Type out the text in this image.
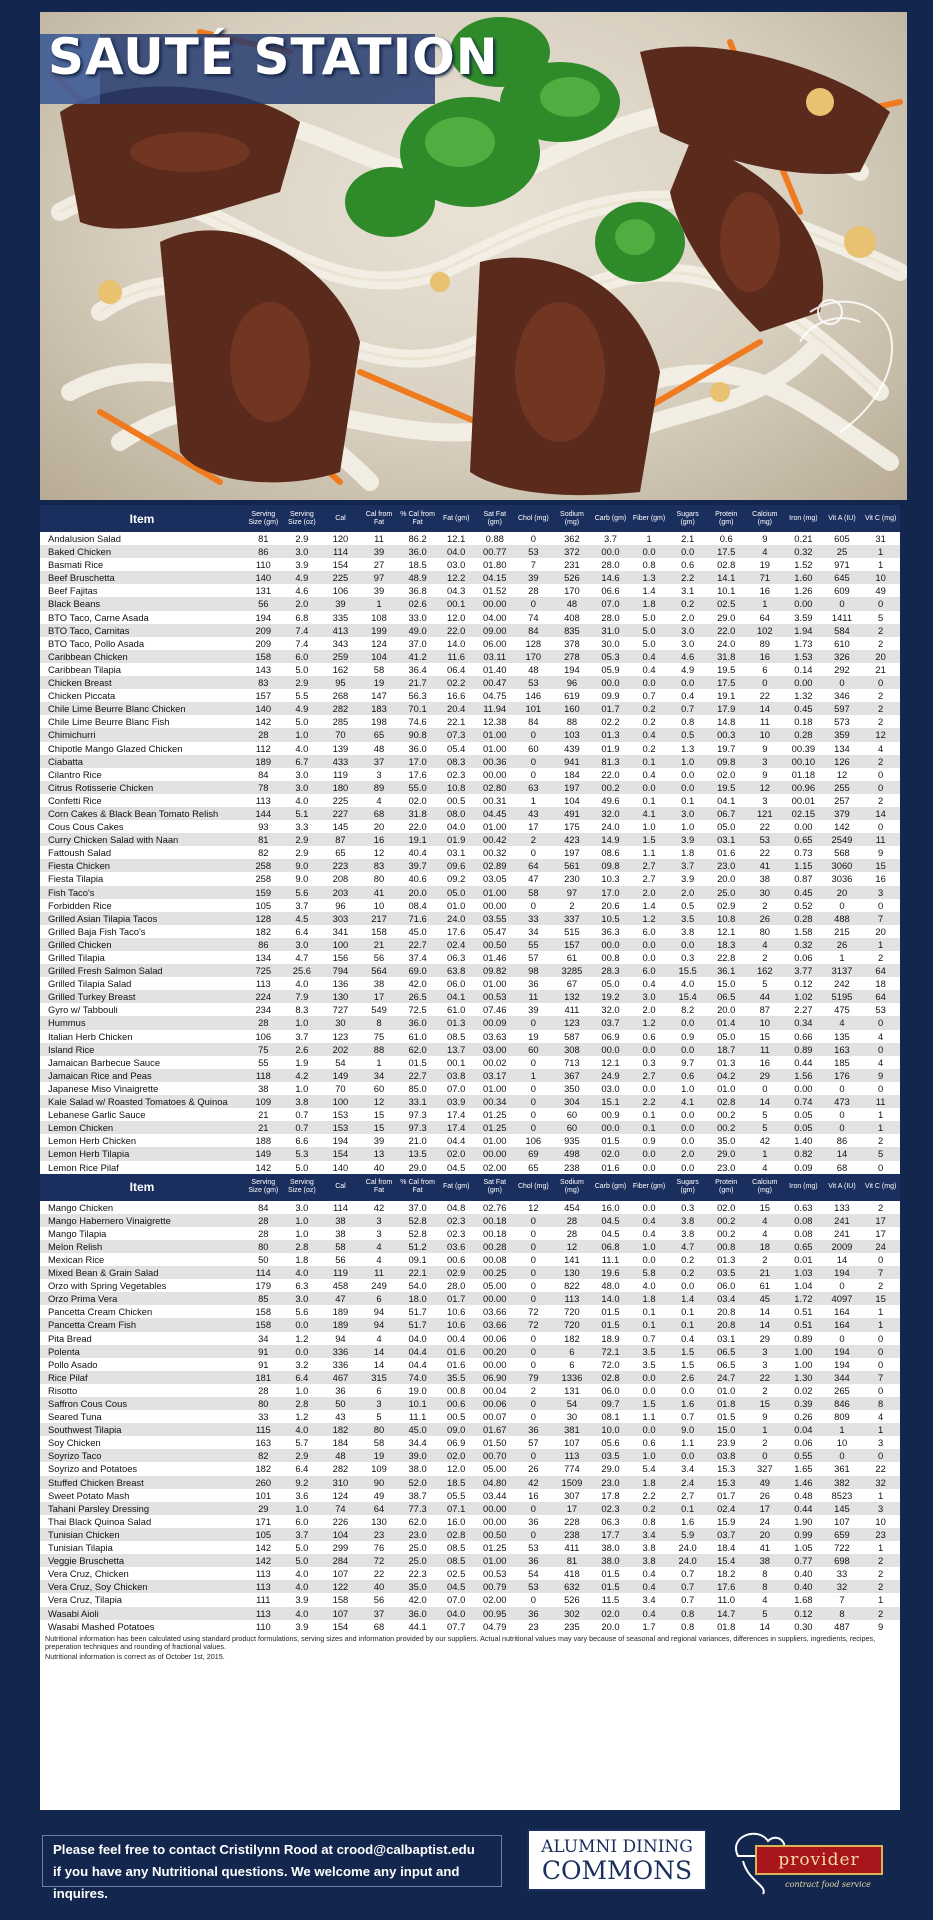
SAUTÉ STATION
Item	Serving Size (gm)	Serving Size (oz)	Cal	Cal from Fat	% Cal from Fat	Fat (gm)	Sat Fat (gm)	Chol (mg)	Sodium (mg)	Carb (gm)	Fiber (gm)	Sugars (gm)	Protein (gm)	Calcium (mg)	Iron (mg)	Vit A (IU)	Vit C (mg)
Andalusion Salad	81	2.9	120	11	86.2	12.1	0.88	0	362	3.7	1	2.1	0.6	9	0.21	605	31
Baked Chicken	86	3.0	114	39	36.0	04.0	00.77	53	372	00.0	0.0	0.0	17.5	4	0.32	25	1
Basmati Rice	110	3.9	154	27	18.5	03.0	01.80	7	231	28.0	0.8	0.6	02.8	19	1.52	971	1
Beef Bruschetta	140	4.9	225	97	48.9	12.2	04.15	39	526	14.6	1.3	2.2	14.1	71	1.60	645	10
Beef Fajitas	131	4.6	106	39	36.8	04.3	01.52	28	170	06.6	1.4	3.1	10.1	16	1.26	609	49
Black Beans	56	2.0	39	1	02.6	00.1	00.00	0	48	07.0	1.8	0.2	02.5	1	0.00	0	0
BTO Taco, Carne Asada	194	6.8	335	108	33.0	12.0	04.00	74	408	28.0	5.0	2.0	29.0	64	3.59	1411	5
BTO Taco, Carnitas	209	7.4	413	199	49.0	22.0	09.00	84	835	31.0	5.0	3.0	22.0	102	1.94	584	2
BTO Taco, Pollo Asada	209	7.4	343	124	37.0	14.0	06.00	128	378	30.0	5.0	3.0	24.0	89	1.73	610	2
Caribbean Chicken	158	6.0	259	104	41.2	11.6	03.11	170	278	05.3	0.4	4.6	31.8	16	1.53	326	20
Caribbean Tilapia	143	5.0	162	58	36.4	06.4	01.40	48	194	05.9	0.4	4.9	19.5	6	0.14	292	21
Chicken Breast	83	2.9	95	19	21.7	02.2	00.47	53	96	00.0	0.0	0.0	17.5	0	0.00	0	0
Chicken Piccata	157	5.5	268	147	56.3	16.6	04.75	146	619	09.9	0.7	0.4	19.1	22	1.32	346	2
Chile Lime Beurre Blanc Chicken	140	4.9	282	183	70.1	20.4	11.94	101	160	01.7	0.2	0.7	17.9	14	0.45	597	2
Chile Lime Beurre Blanc Fish	142	5.0	285	198	74.6	22.1	12.38	84	88	02.2	0.2	0.8	14.8	11	0.18	573	2
Chimichurri	28	1.0	70	65	90.8	07.3	01.00	0	103	01.3	0.4	0.5	00.3	10	0.28	359	12
Chipotle Mango Glazed Chicken	112	4.0	139	48	36.0	05.4	01.00	60	439	01.9	0.2	1.3	19.7	9	00.39	134	4
Ciabatta	189	6.7	433	37	17.0	08.3	00.36	0	941	81.3	0.1	1.0	09.8	3	00.10	126	2
Cilantro Rice	84	3.0	119	3	17.6	02.3	00.00	0	184	22.0	0.4	0.0	02.0	9	01.18	12	0
Citrus Rotisserie Chicken	78	3.0	180	89	55.0	10.8	02.80	63	197	00.2	0.0	0.0	19.5	12	00.96	255	0
Confetti Rice	113	4.0	225	4	02.0	00.5	00.31	1	104	49.6	0.1	0.1	04.1	3	00.01	257	2
Corn Cakes & Black Bean Tomato Relish	144	5.1	227	68	31.8	08.0	04.45	43	491	32.0	4.1	3.0	06.7	121	02.15	379	14
Cous Cous Cakes	93	3.3	145	20	22.0	04.0	01.00	17	175	24.0	1.0	1.0	05.0	22	0.00	142	0
Curry Chicken Salad with Naan	81	2.9	87	16	19.1	01.9	00.42	2	423	14.9	1.5	3.9	03.1	53	0.65	2549	11
Fattoush Salad	82	2.9	65	12	40.4	03.1	00.32	0	197	08.6	1.1	1.8	01.6	22	0.73	568	9
Fiesta Chicken	258	9.0	223	83	39.7	09.6	02.89	64	561	09.8	2.7	3.7	23.0	41	1.15	3060	15
Fiesta Tilapia	258	9.0	208	80	40.6	09.2	03.05	47	230	10.3	2.7	3.9	20.0	38	0.87	3036	16
Fish Taco's	159	5.6	203	41	20.0	05.0	01.00	58	97	17.0	2.0	2.0	25.0	30	0.45	20	3
Forbidden Rice	105	3.7	96	10	08.4	01.0	00.00	0	2	20.6	1.4	0.5	02.9	2	0.52	0	0
Grilled Asian Tilapia Tacos	128	4.5	303	217	71.6	24.0	03.55	33	337	10.5	1.2	3.5	10.8	26	0.28	488	7
Grilled Baja Fish Taco's	182	6.4	341	158	45.0	17.6	05.47	34	515	36.3	6.0	3.8	12.1	80	1.58	215	20
Grilled Chicken	86	3.0	100	21	22.7	02.4	00.50	55	157	00.0	0.0	0.0	18.3	4	0.32	26	1
Grilled Tilapia	134	4.7	156	56	37.4	06.3	01.46	57	61	00.8	0.0	0.3	22.8	2	0.06	1	2
Grilled Fresh Salmon Salad	725	25.6	794	564	69.0	63.8	09.82	98	3285	28.3	6.0	15.5	36.1	162	3.77	3137	64
Grilled Tilapia Salad	113	4.0	136	38	42.0	06.0	01.00	36	67	05.0	0.4	4.0	15.0	5	0.12	242	18
Grilled Turkey Breast	224	7.9	130	17	26.5	04.1	00.53	11	132	19.2	3.0	15.4	06.5	44	1.02	5195	64
Gyro w/ Tabbouli	234	8.3	727	549	72.5	61.0	07.46	39	411	32.0	2.0	8.2	20.0	87	2.27	475	53
Hummus	28	1.0	30	8	36.0	01.3	00.09	0	123	03.7	1.2	0.0	01.4	10	0.34	4	0
Italian Herb Chicken	106	3.7	123	75	61.0	08.5	03.63	19	587	06.9	0.6	0.9	05.0	15	0.66	135	4
Island Rice	75	2.6	202	88	62.0	13.7	03.00	60	308	00.0	0.0	0.0	18.7	11	0.89	163	0
Jamaican Barbecue Sauce	55	1.9	54	1	01.5	00.1	00.02	0	713	12.1	0.3	9.7	01.3	16	0.44	185	4
Jamaican Rice and Peas	118	4.2	149	34	22.7	03.8	03.17	1	367	24.9	2.7	0.6	04.2	29	1.56	176	9
Japanese Miso Vinaigrette	38	1.0	70	60	85.0	07.0	01.00	0	350	03.0	0.0	1.0	01.0	0	0.00	0	0
Kale Salad w/ Roasted Tomatoes & Quinoa	109	3.8	100	12	33.1	03.9	00.34	0	304	15.1	2.2	4.1	02.8	14	0.74	473	11
Lebanese Garlic Sauce	21	0.7	153	15	97.3	17.4	01.25	0	60	00.9	0.1	0.0	00.2	5	0.05	0	1
Lemon Chicken	21	0.7	153	15	97.3	17.4	01.25	0	60	00.0	0.1	0.0	00.2	5	0.05	0	1
Lemon Herb Chicken	188	6.6	194	39	21.0	04.4	01.00	106	935	01.5	0.9	0.0	35.0	42	1.40	86	2
Lemon Herb Tilapia	149	5.3	154	13	13.5	02.0	00.00	69	498	02.0	0.0	2.0	29.0	1	0.82	14	5
Lemon Rice Pilaf	142	5.0	140	40	29.0	04.5	02.00	65	238	01.6	0.0	0.0	23.0	4	0.09	68	0
Item	Serving Size (gm)	Serving Size (oz)	Cal	Cal from Fat	% Cal from Fat	Fat (gm)	Sat Fat (gm)	Chol (mg)	Sodium (mg)	Carb (gm)	Fiber (gm)	Sugars (gm)	Protein (gm)	Calcium (mg)	Iron (mg)	Vit A (IU)	Vit C (mg)
Mango Chicken	84	3.0	114	42	37.0	04.8	02.76	12	454	16.0	0.0	0.3	02.0	15	0.63	133	2
Mango Habernero Vinaigrette	28	1.0	38	3	52.8	02.3	00.18	0	28	04.5	0.4	3.8	00.2	4	0.08	241	17
Mango Tilapia	28	1.0	38	3	52.8	02.3	00.18	0	28	04.5	0.4	3.8	00.2	4	0.08	241	17
Melon Relish	80	2.8	58	4	51.2	03.6	00.28	0	12	06.8	1.0	4.7	00.8	18	0.65	2009	24
Mexican Rice	50	1.8	56	4	09.1	00.6	00.08	0	141	11.1	0.0	0.2	01.3	2	0.01	14	0
Mixed Bean & Grain Salad	114	4.0	119	11	22.1	02.9	00.25	0	130	19.6	5.8	0.2	03.5	21	1.03	194	7
Orzo with Spring Vegetables	179	6.3	458	249	54.0	28.0	05.00	0	822	48.0	4.0	0.0	06.0	61	1.04	0	2
Orzo Prima Vera	85	3.0	47	6	18.0	01.7	00.00	0	113	14.0	1.8	1.4	03.4	45	1.72	4097	15
Pancetta Cream Chicken	158	5.6	189	94	51.7	10.6	03.66	72	720	01.5	0.1	0.1	20.8	14	0.51	164	1
Pancetta Cream Fish	158	0.0	189	94	51.7	10.6	03.66	72	720	01.5	0.1	0.1	20.8	14	0.51	164	1
Pita Bread	34	1.2	94	4	04.0	00.4	00.06	0	182	18.9	0.7	0.4	03.1	29	0.89	0	0
Polenta	91	0.0	336	14	04.4	01.6	00.20	0	6	72.1	3.5	1.5	06.5	3	1.00	194	0
Pollo Asado	91	3.2	336	14	04.4	01.6	00.00	0	6	72.0	3.5	1.5	06.5	3	1.00	194	0
Rice Pilaf	181	6.4	467	315	74.0	35.5	06.90	79	1336	02.8	0.0	2.6	24.7	22	1.30	344	7
Risotto	28	1.0	36	6	19.0	00.8	00.04	2	131	06.0	0.0	0.0	01.0	2	0.02	265	0
Saffron Cous Cous	80	2.8	50	3	10.1	00.6	00.06	0	54	09.7	1.5	1.6	01.8	15	0.39	846	8
Seared Tuna	33	1.2	43	5	11.1	00.5	00.07	0	30	08.1	1.1	0.7	01.5	9	0.26	809	4
Southwest Tilapia	115	4.0	182	80	45.0	09.0	01.67	36	381	10.0	0.0	9.0	15.0	1	0.04	1	1
Soy Chicken	163	5.7	184	58	34.4	06.9	01.50	57	107	05.6	0.6	1.1	23.9	2	0.06	10	3
Soyrizo Taco	82	2.9	48	19	39.0	02.0	00.70	0	113	03.5	1.0	0.0	03.8	0	0.55	0	0
Soyrizo and Potatoes	182	6.4	282	109	38.0	12.0	05.00	26	774	29.0	5.4	3.4	15.3	327	1.65	361	22
Stuffed Chicken Breast	260	9.2	310	90	52.0	18.5	04.80	42	1509	23.0	1.8	2.4	15.3	49	1.46	382	32
Sweet Potato Mash	101	3.6	124	49	38.7	05.5	03.44	16	307	17.8	2.2	2.7	01.7	26	0.48	8523	1
Tahani Parsley Dressing	29	1.0	74	64	77.3	07.1	00.00	0	17	02.3	0.2	0.1	02.4	17	0.44	145	3
Thai Black Quinoa Salad	171	6.0	226	130	62.0	16.0	00.00	36	228	06.3	0.8	1.6	15.9	24	1.90	107	10
Tunisian Chicken	105	3.7	104	23	23.0	02.8	00.50	0	238	17.7	3.4	5.9	03.7	20	0.99	659	23
Tunisian Tilapia	142	5.0	299	76	25.0	08.5	01.25	53	411	38.0	3.8	24.0	18.4	41	1.05	722	1
Veggie Bruschetta	142	5.0	284	72	25.0	08.5	01.00	36	81	38.0	3.8	24.0	15.4	38	0.77	698	2
Vera Cruz, Chicken	113	4.0	107	22	22.3	02.5	00.53	54	418	01.5	0.4	0.7	18.2	8	0.40	33	2
Vera Cruz, Soy Chicken	113	4.0	122	40	35.0	04.5	00.79	53	632	01.5	0.4	0.7	17.6	8	0.40	32	2
Vera Cruz, Tilapia	111	3.9	158	56	42.0	07.0	02.00	0	526	11.5	3.4	0.7	11.0	4	1.68	7	1
Wasabi Aioli	113	4.0	107	37	36.0	04.0	00.95	36	302	02.0	0.4	0.8	14.7	5	0.12	8	2
Wasabi Mashed Potatoes	110	3.9	154	68	44.1	07.7	04.79	23	235	20.0	1.7	0.8	01.8	14	0.30	487	9
Nutritional information has been calculated using standard product formulations, serving sizes and information provided by our suppliers. Actual nutritional values may vary because of seasonal and regional variances, differences in suppliers, ingredients, recipes, preperation techniques and rounding of fractional values.
Nutritional information is correct as of October 1st, 2015.
Please feel free to contact Cristilynn Rood at crood@calbaptist.edu
if you have any Nutritional questions. We welcome any input and inquires.
ALUMNI DINING
COMMONS	provider
contract food service
